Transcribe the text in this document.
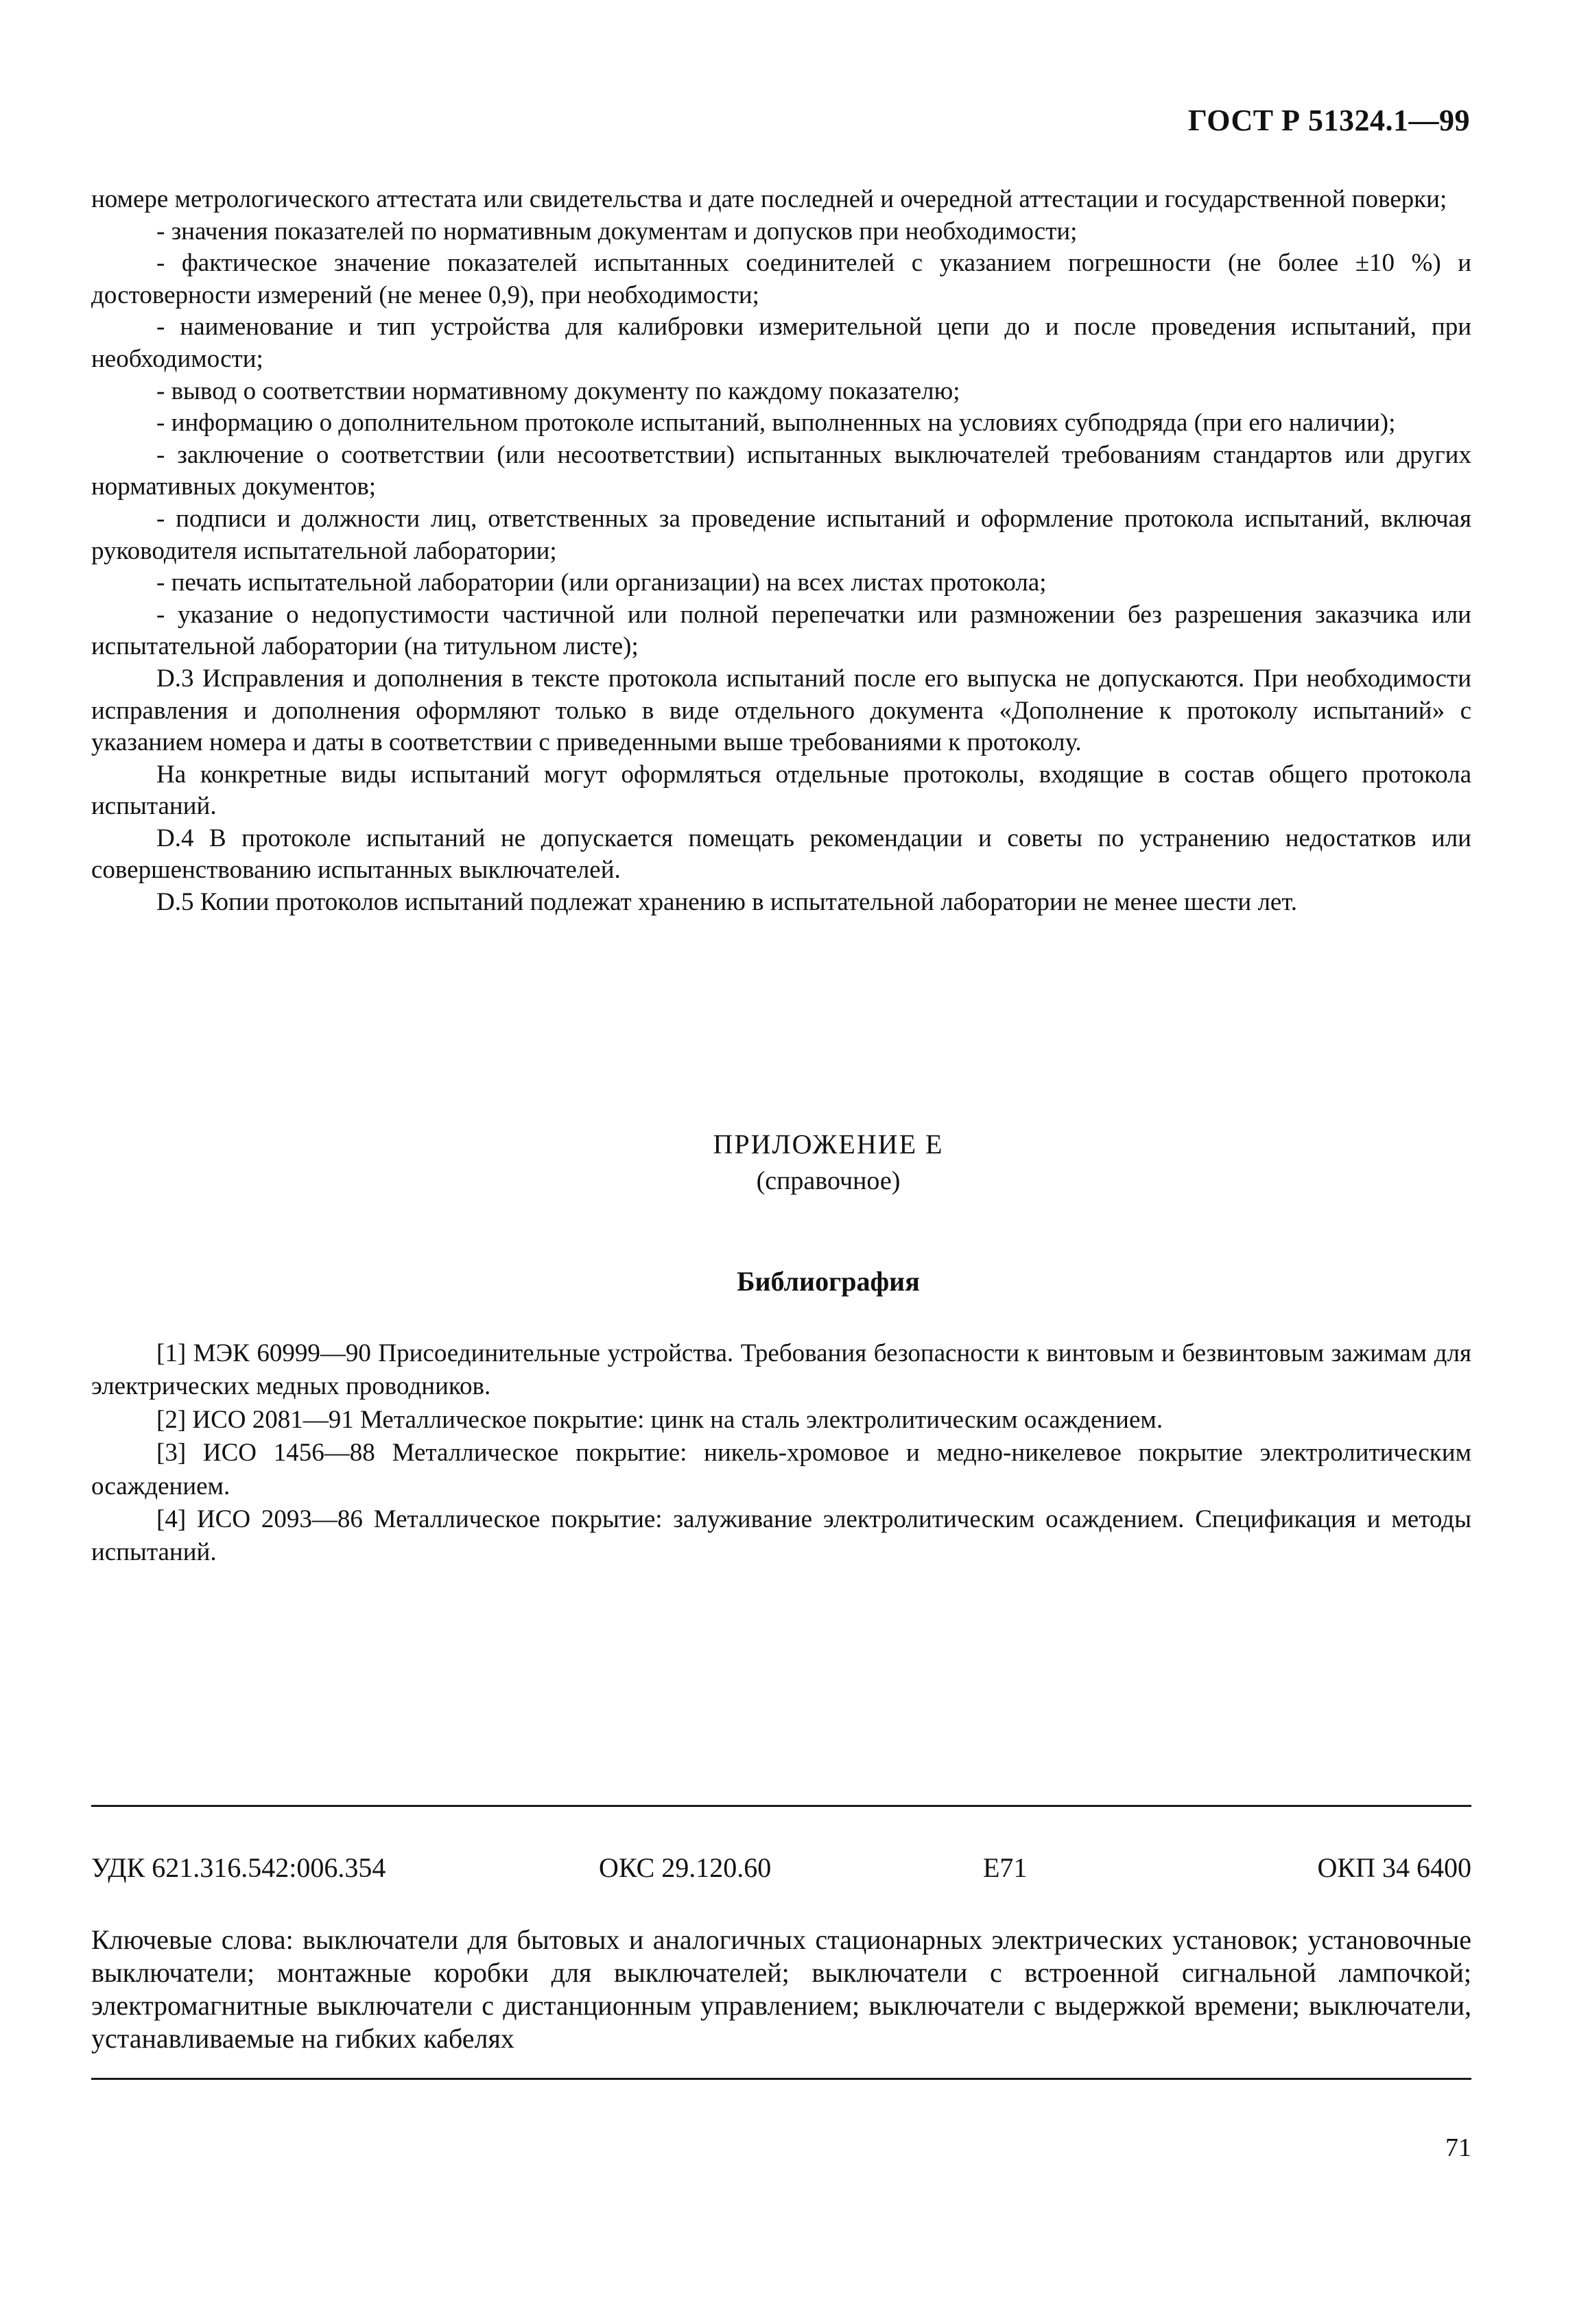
ГОСТ Р 51324.1—99

номере метрологического аттестата или свидетельства и дате последней и очередной аттестации и государственной поверки;

- значения показателей по нормативным документам и допусков при необходимости;

- фактическое значение показателей испытанных соединителей с указанием погрешности (не более ±10 %) и достоверности измерений (не менее 0,9), при необходимости;

- наименование и тип устройства для калибровки измерительной цепи до и после проведения испытаний, при необходимости;

- вывод о соответствии нормативному документу по каждому показателю;

- информацию о дополнительном протоколе испытаний, выполненных на условиях субподряда (при его наличии);

- заключение о соответствии (или несоответствии) испытанных выключателей требованиям стандартов или других нормативных документов;

- подписи и должности лиц, ответственных за проведение испытаний и оформление протокола испытаний, включая руководителя испытательной лаборатории;

- печать испытательной лаборатории (или организации) на всех листах протокола;

- указание о недопустимости частичной или полной перепечатки или размножении без разрешения заказчика или испытательной лаборатории (на титульном листе);

D.3 Исправления и дополнения в тексте протокола испытаний после его выпуска не допускаются. При необходимости исправления и дополнения оформляют только в виде отдельного документа «Дополнение к протоколу испытаний» с указанием номера и даты в соответствии с приведенными выше требованиями к протоколу.

На конкретные виды испытаний могут оформляться отдельные протоколы, входящие в состав общего протокола испытаний.

D.4 В протоколе испытаний не допускается помещать рекомендации и советы по устранению недостатков или совершенствованию испытанных выключателей.

D.5 Копии протоколов испытаний подлежат хранению в испытательной лаборатории не менее шести лет.

ПРИЛОЖЕНИЕ Е
(справочное)
Библиография

[1] МЭК 60999—90 Присоединительные устройства. Требования безопасности к винтовым и безвинтовым зажимам для электрических медных проводников.

[2] ИСО 2081—91 Металлическое покрытие: цинк на сталь электролитическим осаждением.

[3] ИСО 1456—88 Металлическое покрытие: никель-хромовое и медно-никелевое покрытие электролитическим осаждением.

[4] ИСО 2093—86 Металлическое покрытие: залуживание электролитическим осаждением. Спецификация и методы испытаний.

УДК 621.316.542:006.354	ОКС 29.120.60	Е71	ОКП 34 6400
Ключевые слова: выключатели для бытовых и аналогичных стационарных электрических установок; установочные выключатели; монтажные коробки для выключателей; выключатели с встроенной сигнальной лампочкой; электромагнитные выключатели с дистанционным управлением; выключатели с выдержкой времени; выключатели, устанавливаемые на гибких кабелях
71
